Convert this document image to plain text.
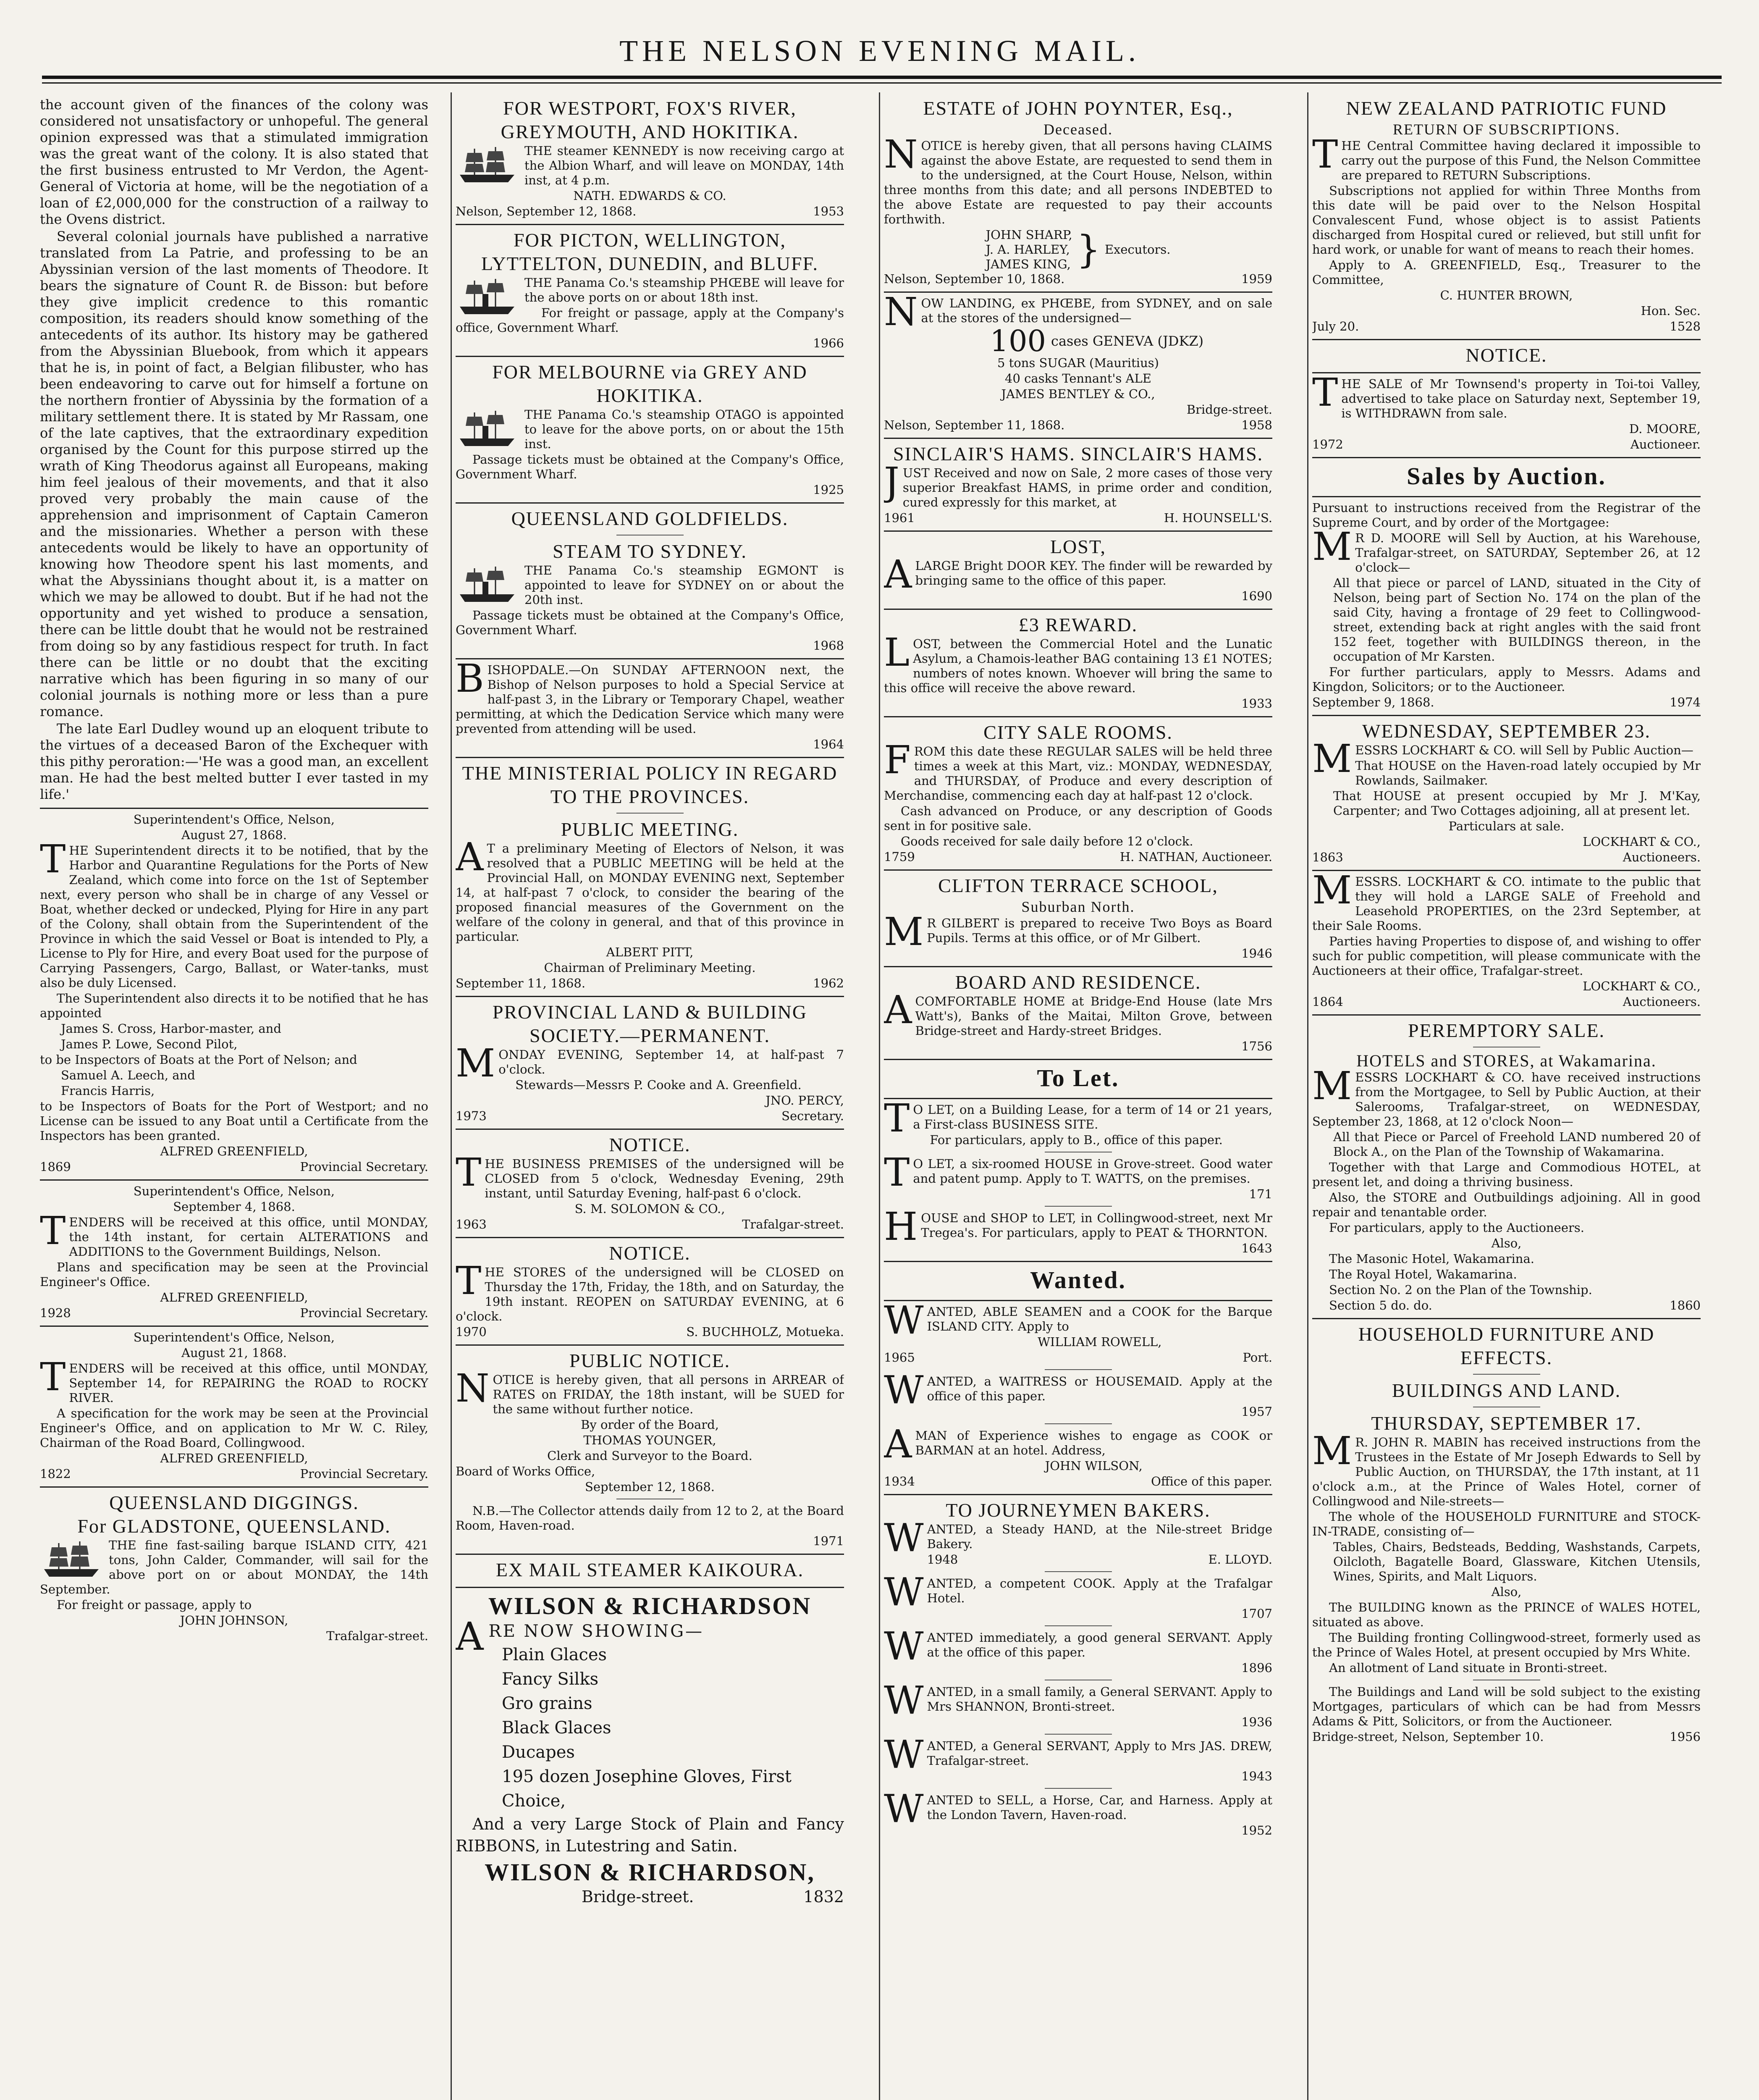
THE NELSON EVENING MAIL.

the account given of the finances of the colony was considered not unsatisfactory or unhopeful. The general opinion expressed was that a stimulated immigration was the great want of the colony. It is also stated that the first business entrusted to Mr Verdon, the Agent-General of Victoria at home, will be the negotiation of a loan of £2,000,000 for the construction of a railway to the Ovens district.

Several colonial journals have published a narrative translated from La Patrie, and professing to be an Abyssinian version of the last moments of Theodore. It bears the signature of Count R. de Bisson: but before they give implicit credence to this romantic composition, its readers should know something of the antecedents of its author. Its history may be gathered from the Abyssinian Bluebook, from which it appears that he is, in point of fact, a Belgian filibuster, who has been endeavoring to carve out for himself a fortune on the northern frontier of Abyssinia by the formation of a military settlement there. It is stated by Mr Rassam, one of the late captives, that the extraordinary expedition organised by the Count for this purpose stirred up the wrath of King Theodorus against all Europeans, making him feel jealous of their movements, and that it also proved very probably the main cause of the apprehension and imprisonment of Captain Cameron and the missionaries. Whether a person with these antecedents would be likely to have an opportunity of knowing how Theodore spent his last moments, and what the Abyssinians thought about it, is a matter on which we may be allowed to doubt. But if he had not the opportunity and yet wished to produce a sensation, there can be little doubt that he would not be restrained from doing so by any fastidious respect for truth. In fact there can be little or no doubt that the exciting narrative which has been figuring in so many of our colonial journals is nothing more or less than a pure romance.

The late Earl Dudley wound up an eloquent tribute to the virtues of a deceased Baron of the Exchequer with this pithy peroration:—'He was a good man, an excellent man. He had the best melted butter I ever tasted in my life.'

Superintendent's Office, Nelson,

August 27, 1868.

THE Superintendent directs it to be notified, that by the Harbor and Quarantine Regulations for the Ports of New Zealand, which come into force on the 1st of September next, every person who shall be in charge of any Vessel or Boat, whether decked or undecked, Plying for Hire in any part of the Colony, shall obtain from the Superintendent of the Province in which the said Vessel or Boat is intended to Ply, a License to Ply for Hire, and every Boat used for the purpose of Carrying Passengers, Cargo, Ballast, or Water-tanks, must also be duly Licensed.

The Superintendent also directs it to be notified that he has appointed

James S. Cross, Harbor-master, and

James P. Lowe, Second Pilot,

to be Inspectors of Boats at the Port of Nelson; and

Samuel A. Leech, and

Francis Harris,

to be Inspectors of Boats for the Port of Westport; and no License can be issued to any Boat until a Certificate from the Inspectors has been granted.

ALFRED GREENFIELD,

1869	Provincial Secretary.

Superintendent's Office, Nelson,

September 4, 1868.

TENDERS will be received at this office, until MONDAY, the 14th instant, for certain ALTERATIONS and ADDITIONS to the Government Buildings, Nelson.

Plans and specification may be seen at the Provincial Engineer's Office.

ALFRED GREENFIELD,

1928	Provincial Secretary.

Superintendent's Office, Nelson,

August 21, 1868.

TENDERS will be received at this office, until MONDAY, September 14, for REPAIRING the ROAD to ROCKY RIVER.

A specification for the work may be seen at the Provincial Engineer's Office, and on application to Mr W. C. Riley, Chairman of the Road Board, Collingwood.

ALFRED GREENFIELD,

1822	Provincial Secretary.
QUEENSLAND DIGGINGS.
For GLADSTONE, QUEENSLAND.

THE fine fast-sailing barque ISLAND CITY, 421 tons, John Calder, Commander, will sail for the above port on or about MONDAY, the 14th September.

For freight or passage, apply to

JOHN JOHNSON,

Trafalgar-street.

FOR WESTPORT, FOX'S RIVER, GREYMOUTH, AND HOKITIKA.

THE steamer KENNEDY is now receiving cargo at the Albion Wharf, and will leave on MONDAY, 14th inst, at 4 p.m.

NATH. EDWARDS & CO.

Nelson, September 12, 1868.	1953
FOR PICTON, WELLINGTON, LYTTELTON, DUNEDIN, and BLUFF.

THE Panama Co.'s steamship PHŒBE will leave for the above ports on or about 18th inst.

For freight or passage, apply at the Company's office, Government Wharf.

1966
FOR MELBOURNE via GREY AND HOKITIKA.

THE Panama Co.'s steamship OTAGO is appointed to leave for the above ports, on or about the 15th inst.

Passage tickets must be obtained at the Company's Office, Government Wharf.

1925
QUEENSLAND GOLDFIELDS.
STEAM TO SYDNEY.

THE Panama Co.'s steamship EGMONT is appointed to leave for SYDNEY on or about the 20th inst.

Passage tickets must be obtained at the Company's Office, Government Wharf.

1968

BISHOPDALE.—On SUNDAY AFTERNOON next, the Bishop of Nelson purposes to hold a Special Service at half-past 3, in the Library or Temporary Chapel, weather permitting, at which the Dedication Service which many were prevented from attending will be used.

1964
THE MINISTERIAL POLICY IN REGARD TO THE PROVINCES.
PUBLIC MEETING.

AT a preliminary Meeting of Electors of Nelson, it was resolved that a PUBLIC MEETING will be held at the Provincial Hall, on MONDAY EVENING next, September 14, at half-past 7 o'clock, to consider the bearing of the proposed financial measures of the Government on the welfare of the colony in general, and that of this province in particular.

ALBERT PITT,

Chairman of Preliminary Meeting.

September 11, 1868.	1962
PROVINCIAL LAND & BUILDING SOCIETY.—PERMANENT.

MONDAY EVENING, September 14, at half-past 7 o'clock.

Stewards—Messrs P. Cooke and A. Greenfield.

JNO. PERCY,

1973	Secretary.
NOTICE.

THE BUSINESS PREMISES of the undersigned will be CLOSED from 5 o'clock, Wednesday Evening, 29th instant, until Saturday Evening, half-past 6 o'clock.

S. M. SOLOMON & CO.,

1963	Trafalgar-street.
NOTICE.

THE STORES of the undersigned will be CLOSED on Thursday the 17th, Friday, the 18th, and on Saturday, the 19th instant. REOPEN on SATURDAY EVENING, at 6 o'clock.

1970	S. BUCHHOLZ, Motueka.
PUBLIC NOTICE.

NOTICE is hereby given, that all persons in ARREAR of RATES on FRIDAY, the 18th instant, will be SUED for the same without further notice.

By order of the Board,

THOMAS YOUNGER,

Clerk and Surveyor to the Board.

Board of Works Office,

September 12, 1868.

N.B.—The Collector attends daily from 12 to 2, at the Board Room, Haven-road.

1971
EX MAIL STEAMER KAIKOURA.
WILSON & RICHARDSON

ARE NOW SHOWING—

Plain Glaces
Fancy Silks
Gro grains
Black Glaces
Ducapes
195 dozen Josephine Gloves, First Choice,

And a very Large Stock of Plain and Fancy RIBBONS, in Lutestring and Satin.

WILSON & RICHARDSON,
Bridge-street.	1832
ESTATE of JOHN POYNTER, Esq.,
Deceased.

NOTICE is hereby given, that all persons having CLAIMS against the above Estate, are requested to send them in to the undersigned, at the Court House, Nelson, within three months from this date; and all persons INDEBTED to the above Estate are requested to pay their accounts forthwith.

JOHN SHARP,
J. A. HARLEY,
JAMES KING, } Executors.
Nelson, September 10, 1868.	1959

NOW LANDING, ex PHŒBE, from SYDNEY, and on sale at the stores of the undersigned—

100 cases GENEVA (JDKZ)

5 tons SUGAR (Mauritius)

40 casks Tennant's ALE

JAMES BENTLEY & CO.,

Bridge-street.

Nelson, September 11, 1868.	1958
SINCLAIR'S HAMS. SINCLAIR'S HAMS.

JUST Received and now on Sale, 2 more cases of those very superior Breakfast HAMS, in prime order and condition, cured expressly for this market, at

1961	H. HOUNSELL'S.
LOST,

ALARGE Bright DOOR KEY. The finder will be rewarded by bringing same to the office of this paper.

1690
£3 REWARD.

LOST, between the Commercial Hotel and the Lunatic Asylum, a Chamois-leather BAG containing 13 £1 NOTES; numbers of notes known. Whoever will bring the same to this office will receive the above reward.

1933
CITY SALE ROOMS.

FROM this date these REGULAR SALES will be held three times a week at this Mart, viz.: MONDAY, WEDNESDAY, and THURSDAY, of Produce and every description of Merchandise, commencing each day at half-past 12 o'clock.

Cash advanced on Produce, or any description of Goods sent in for positive sale.

Goods received for sale daily before 12 o'clock.

1759	H. NATHAN, Auctioneer.
CLIFTON TERRACE SCHOOL,
Suburban North.

MR GILBERT is prepared to receive Two Boys as Board Pupils. Terms at this office, or of Mr Gilbert.

1946
BOARD AND RESIDENCE.

ACOMFORTABLE HOME at Bridge-End House (late Mrs Watt's), Banks of the Maitai, Milton Grove, between Bridge-street and Hardy-street Bridges.

1756
To Let.

TO LET, on a Building Lease, for a term of 14 or 21 years, a First-class BUSINESS SITE.

For particulars, apply to B., office of this paper.

TO LET, a six-roomed HOUSE in Grove-street. Good water and patent pump. Apply to T. WATTS, on the premises.

171

HOUSE and SHOP to LET, in Collingwood-street, next Mr Tregea's. For particulars, apply to PEAT & THORNTON.

1643
Wanted.

WANTED, ABLE SEAMEN and a COOK for the Barque ISLAND CITY. Apply to

WILLIAM ROWELL,

1965	Port.

WANTED, a WAITRESS or HOUSEMAID. Apply at the office of this paper.

1957

AMAN of Experience wishes to engage as COOK or BARMAN at an hotel. Address,

JOHN WILSON,

1934	Office of this paper.
TO JOURNEYMEN BAKERS.

WANTED, a Steady HAND, at the Nile-street Bridge Bakery.

1948	E. LLOYD.

WANTED, a competent COOK. Apply at the Trafalgar Hotel.

1707

WANTED immediately, a good general SERVANT. Apply at the office of this paper.

1896

WANTED, in a small family, a General SERVANT. Apply to Mrs SHANNON, Bronti-street.

1936

WANTED, a General SERVANT, Apply to Mrs JAS. DREW, Trafalgar-street.

1943

WANTED to SELL, a Horse, Car, and Harness. Apply at the London Tavern, Haven-road.

1952
NEW ZEALAND PATRIOTIC FUND
RETURN OF SUBSCRIPTIONS.

THE Central Committee having declared it impossible to carry out the purpose of this Fund, the Nelson Committee are prepared to RETURN Subscriptions.

Subscriptions not applied for within Three Months from this date will be paid over to the Nelson Hospital Convalescent Fund, whose object is to assist Patients discharged from Hospital cured or relieved, but still unfit for hard work, or unable for want of means to reach their homes.

Apply to A. GREENFIELD, Esq., Treasurer to the Committee,

C. HUNTER BROWN,

Hon. Sec.

July 20.	1528
NOTICE.

THE SALE of Mr Townsend's property in Toi-toi Valley, advertised to take place on Saturday next, September 19, is WITHDRAWN from sale.

D. MOORE,

1972	Auctioneer.
Sales by Auction.

Pursuant to instructions received from the Registrar of the Supreme Court, and by order of the Mortgagee:

MR D. MOORE will Sell by Auction, at his Warehouse, Trafalgar-street, on SATURDAY, September 26, at 12 o'clock—

All that piece or parcel of LAND, situated in the City of Nelson, being part of Section No. 174 on the plan of the said City, having a frontage of 29 feet to Collingwood-street, extending back at right angles with the said front 152 feet, together with BUILDINGS thereon, in the occupation of Mr Karsten.

For further particulars, apply to Messrs. Adams and Kingdon, Solicitors; or to the Auctioneer.

September 9, 1868.	1974
WEDNESDAY, SEPTEMBER 23.

MESSRS LOCKHART & CO. will Sell by Public Auction—

That HOUSE on the Haven-road lately occupied by Mr Rowlands, Sailmaker.

That HOUSE at present occupied by Mr J. M'Kay, Carpenter; and Two Cottages adjoining, all at present let.

Particulars at sale.

LOCKHART & CO.,

1863	Auctioneers.

MESSRS. LOCKHART & CO. intimate to the public that they will hold a LARGE SALE of Freehold and Leasehold PROPERTIES, on the 23rd September, at their Sale Rooms.

Parties having Properties to dispose of, and wishing to offer such for public competition, will please communicate with the Auctioneers at their office, Trafalgar-street.

LOCKHART & CO.,

1864	Auctioneers.
PEREMPTORY SALE.
HOTELS and STORES, at Wakamarina.

MESSRS LOCKHART & CO. have received instructions from the Mortgagee, to Sell by Public Auction, at their Salerooms, Trafalgar-street, on WEDNESDAY, September 23, 1868, at 12 o'clock Noon—

All that Piece or Parcel of Freehold LAND numbered 20 of Block A., on the Plan of the Township of Wakamarina.

Together with that Large and Commodious HOTEL, at present let, and doing a thriving business.

Also, the STORE and Outbuildings adjoining. All in good repair and tenantable order.

For particulars, apply to the Auctioneers.

Also,

The Masonic Hotel, Wakamarina.

The Royal Hotel, Wakamarina.

Section No. 2 on the Plan of the Township.

Section 5 do. do.	1860
HOUSEHOLD FURNITURE AND EFFECTS.
BUILDINGS AND LAND.
THURSDAY, SEPTEMBER 17.

MR. JOHN R. MABIN has received instructions from the Trustees in the Estate of Mr Joseph Edwards to Sell by Public Auction, on THURSDAY, the 17th instant, at 11 o'clock a.m., at the Prince of Wales Hotel, corner of Collingwood and Nile-streets—

The whole of the HOUSEHOLD FURNITURE and STOCK-IN-TRADE, consisting of—

Tables, Chairs, Bedsteads, Bedding, Washstands, Carpets, Oilcloth, Bagatelle Board, Glassware, Kitchen Utensils, Wines, Spirits, and Malt Liquors.

Also,

The BUILDING known as the PRINCE of WALES HOTEL, situated as above.

The Building fronting Collingwood-street, formerly used as the Prince of Wales Hotel, at present occupied by Mrs White.

An allotment of Land situate in Bronti-street.

The Buildings and Land will be sold subject to the existing Mortgages, particulars of which can be had from Messrs Adams & Pitt, Solicitors, or from the Auctioneer.

Bridge-street, Nelson, September 10.	1956
